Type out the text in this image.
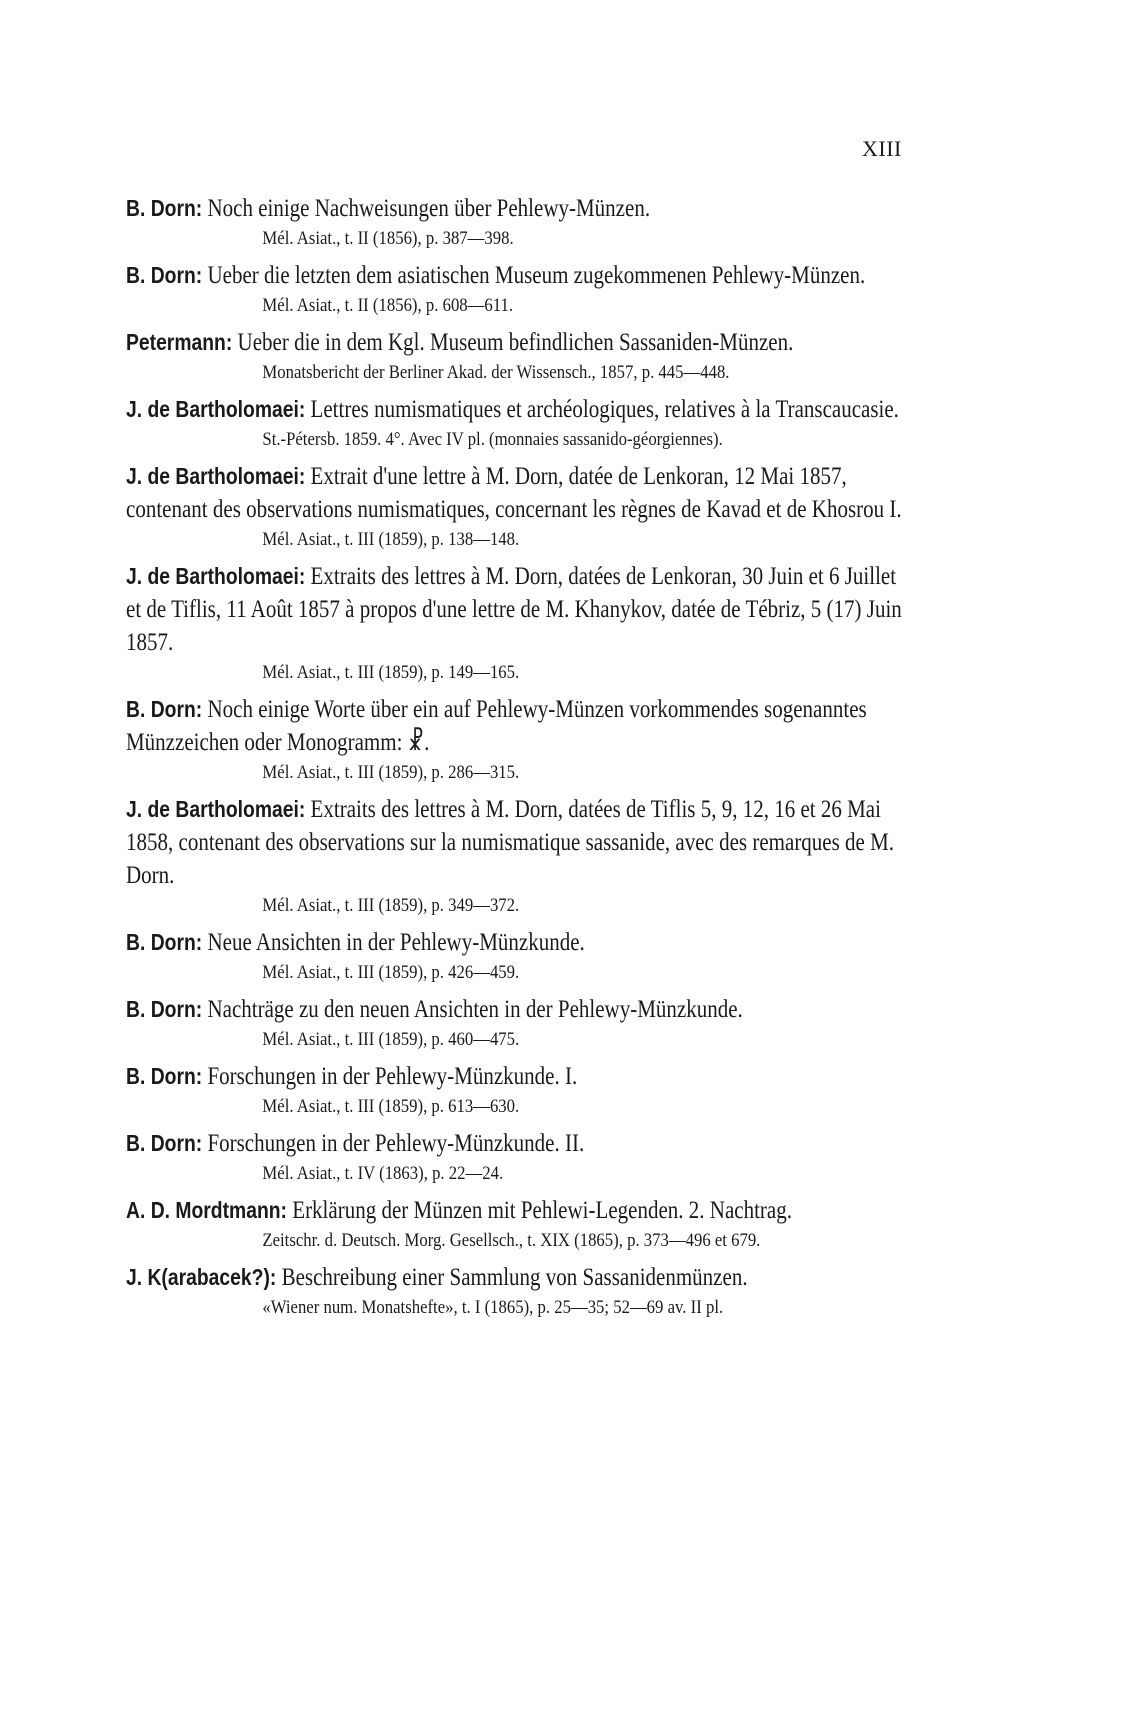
XIII
B. Dorn: Noch einige Nachweisungen über Pehlewy-Münzen.
Mél. Asiat., t. II (1856), p. 387—398.
B. Dorn: Ueber die letzten dem asiatischen Museum zugekommenen Pehlewy-Münzen.
Mél. Asiat., t. II (1856), p. 608—611.
Petermann: Ueber die in dem Kgl. Museum befindlichen Sassaniden-Münzen.
Monatsbericht der Berliner Akad. der Wissensch., 1857, p. 445—448.
J. de Bartholomaei: Lettres numismatiques et archéologiques, relatives à la Transcaucasie.
St.-Pétersb. 1859. 4°. Avec IV pl. (monnaies sassanido-géorgiennes).
J. de Bartholomaei: Extrait d'une lettre à M. Dorn, datée de Lenkoran, 12 Mai 1857, contenant des observations numismatiques, concernant les règnes de Kavad et de Khosrou I.
Mél. Asiat., t. III (1859), p. 138—148.
J. de Bartholomaei: Extraits des lettres à M. Dorn, datées de Lenkoran, 30 Juin et 6 Juillet et de Tiflis, 11 Août 1857 à propos d'une lettre de M. Khanykov, datée de Tébriz, 5 (17) Juin 1857.
Mél. Asiat., t. III (1859), p. 149—165.
B. Dorn: Noch einige Worte über ein auf Pehlewy-Münzen vorkommendes sogenanntes Münzzeichen oder Monogramm: ☧.
Mél. Asiat., t. III (1859), p. 286—315.
J. de Bartholomaei: Extraits des lettres à M. Dorn, datées de Tiflis 5, 9, 12, 16 et 26 Mai 1858, contenant des observations sur la numismatique sassanide, avec des remarques de M. Dorn.
Mél. Asiat., t. III (1859), p. 349—372.
B. Dorn: Neue Ansichten in der Pehlewy-Münzkunde.
Mél. Asiat., t. III (1859), p. 426—459.
B. Dorn: Nachträge zu den neuen Ansichten in der Pehlewy-Münzkunde.
Mél. Asiat., t. III (1859), p. 460—475.
B. Dorn: Forschungen in der Pehlewy-Münzkunde. I.
Mél. Asiat., t. III (1859), p. 613—630.
B. Dorn: Forschungen in der Pehlewy-Münzkunde. II.
Mél. Asiat., t. IV (1863), p. 22—24.
A. D. Mordtmann: Erklärung der Münzen mit Pehlewi-Legenden. 2. Nachtrag.
Zeitschr. d. Deutsch. Morg. Gesellsch., t. XIX (1865), p. 373—496 et 679.
J. K(arabacek?): Beschreibung einer Sammlung von Sassanidenmünzen.
«Wiener num. Monatshefte», t. I (1865), p. 25—35; 52—69 av. II pl.
